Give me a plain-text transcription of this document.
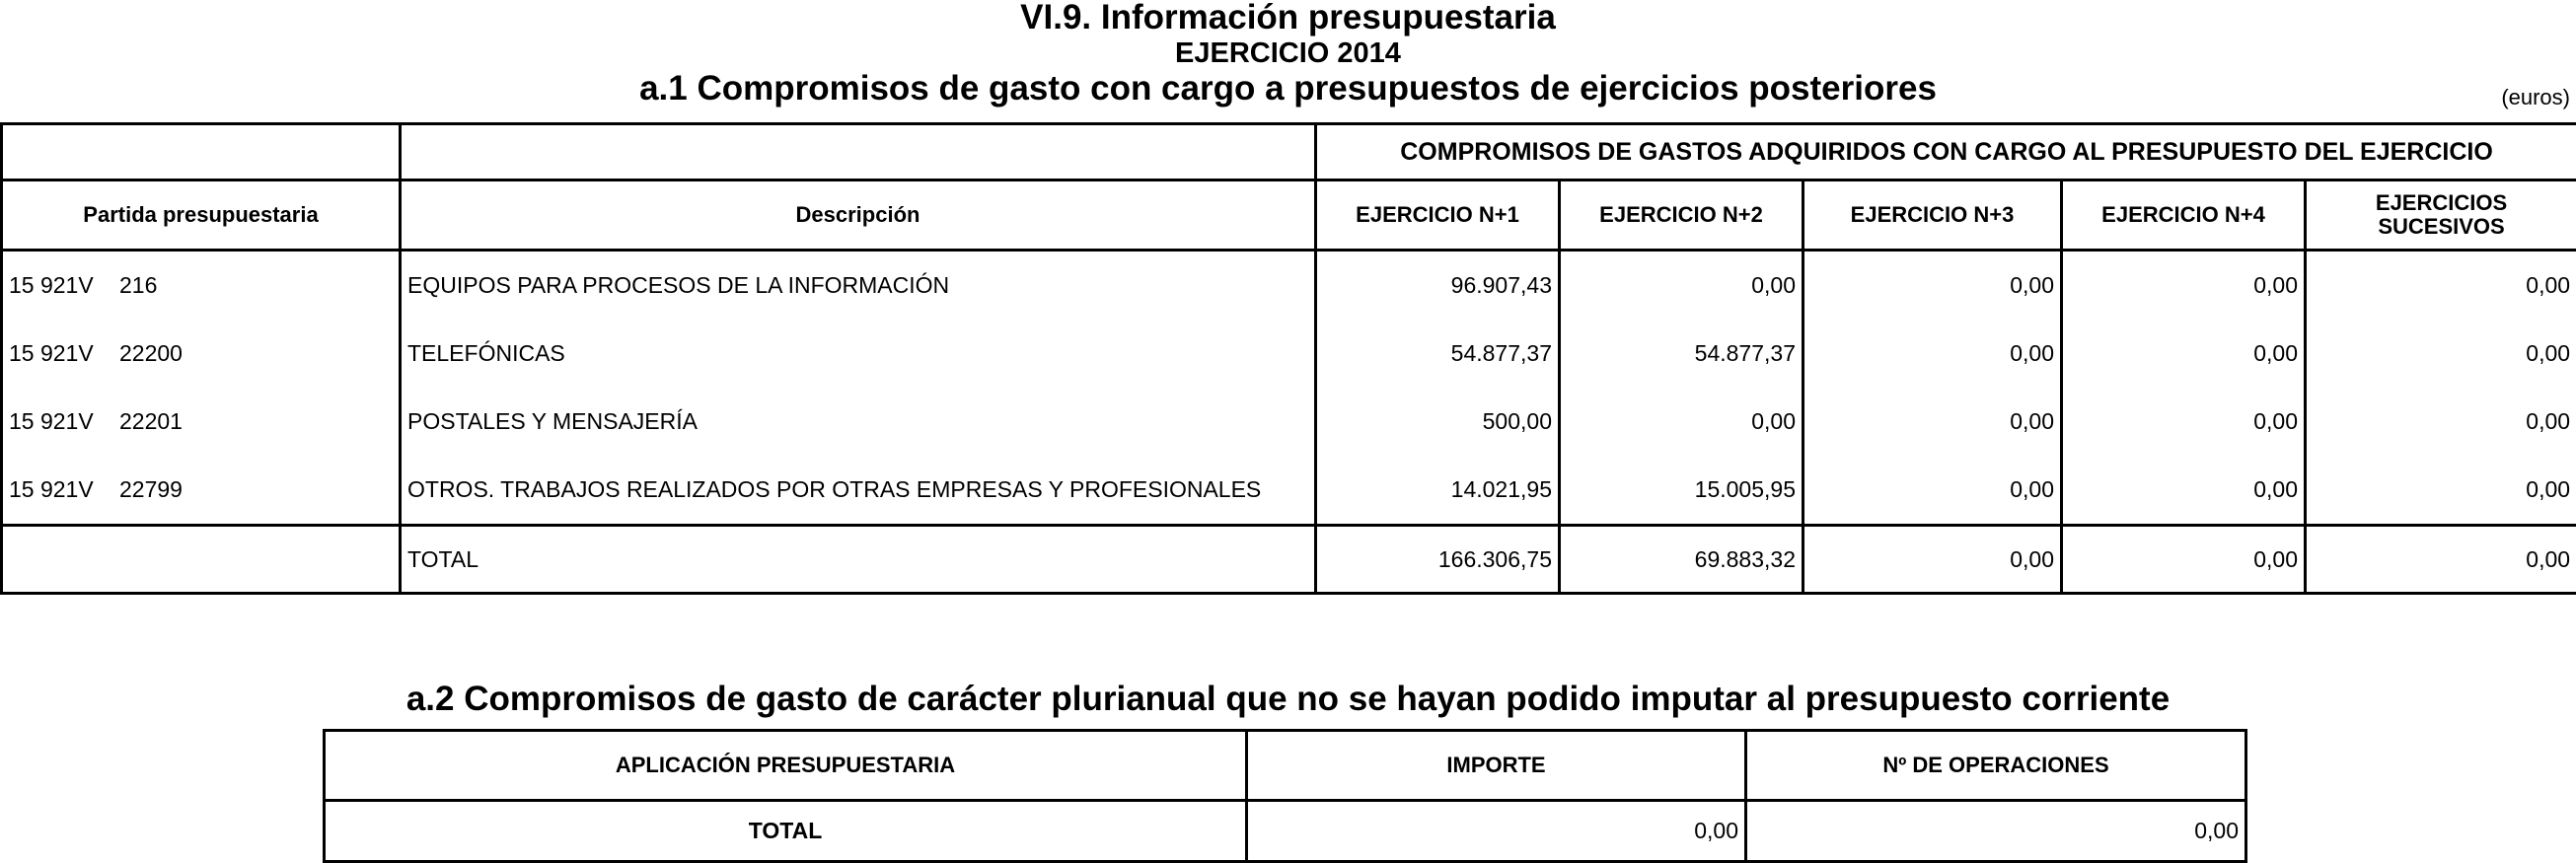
VI.9. Información presupuestaria
EJERCICIO 2014
a.1 Compromisos de gasto con cargo a presupuestos de ejercicios posteriores	(euros)
		COMPROMISOS DE GASTOS ADQUIRIDOS CON CARGO AL PRESUPUESTO DEL EJERCICIO				
Partida presupuestaria	Descripción	EJERCICIO N+1	EJERCICIO N+2	EJERCICIO N+3	EJERCICIO N+4	EJERCICIOS
SUCESIVOS

15 921V 216	EQUIPOS PARA PROCESOS DE LA INFORMACIÓN	96.907,43	0,00	0,00	0,00	0,00
15 921V 22200	TELEFÓNICAS	54.877,37	54.877,37	0,00	0,00	0,00
15 921V 22201	POSTALES Y MENSAJERÍA	500,00	0,00	0,00	0,00	0,00
15 921V 22799	OTROS. TRABAJOS REALIZADOS POR OTRAS EMPRESAS Y PROFESIONALES	14.021,95	15.005,95	0,00	0,00	0,00
	TOTAL	166.306,75	69.883,32	0,00	0,00	0,00
a.2 Compromisos de gasto de carácter plurianual que no se hayan podido imputar al presupuesto corriente
APLICACIÓN PRESUPUESTARIA	IMPORTE	Nº DE OPERACIONES
TOTAL	0,00	0,00
